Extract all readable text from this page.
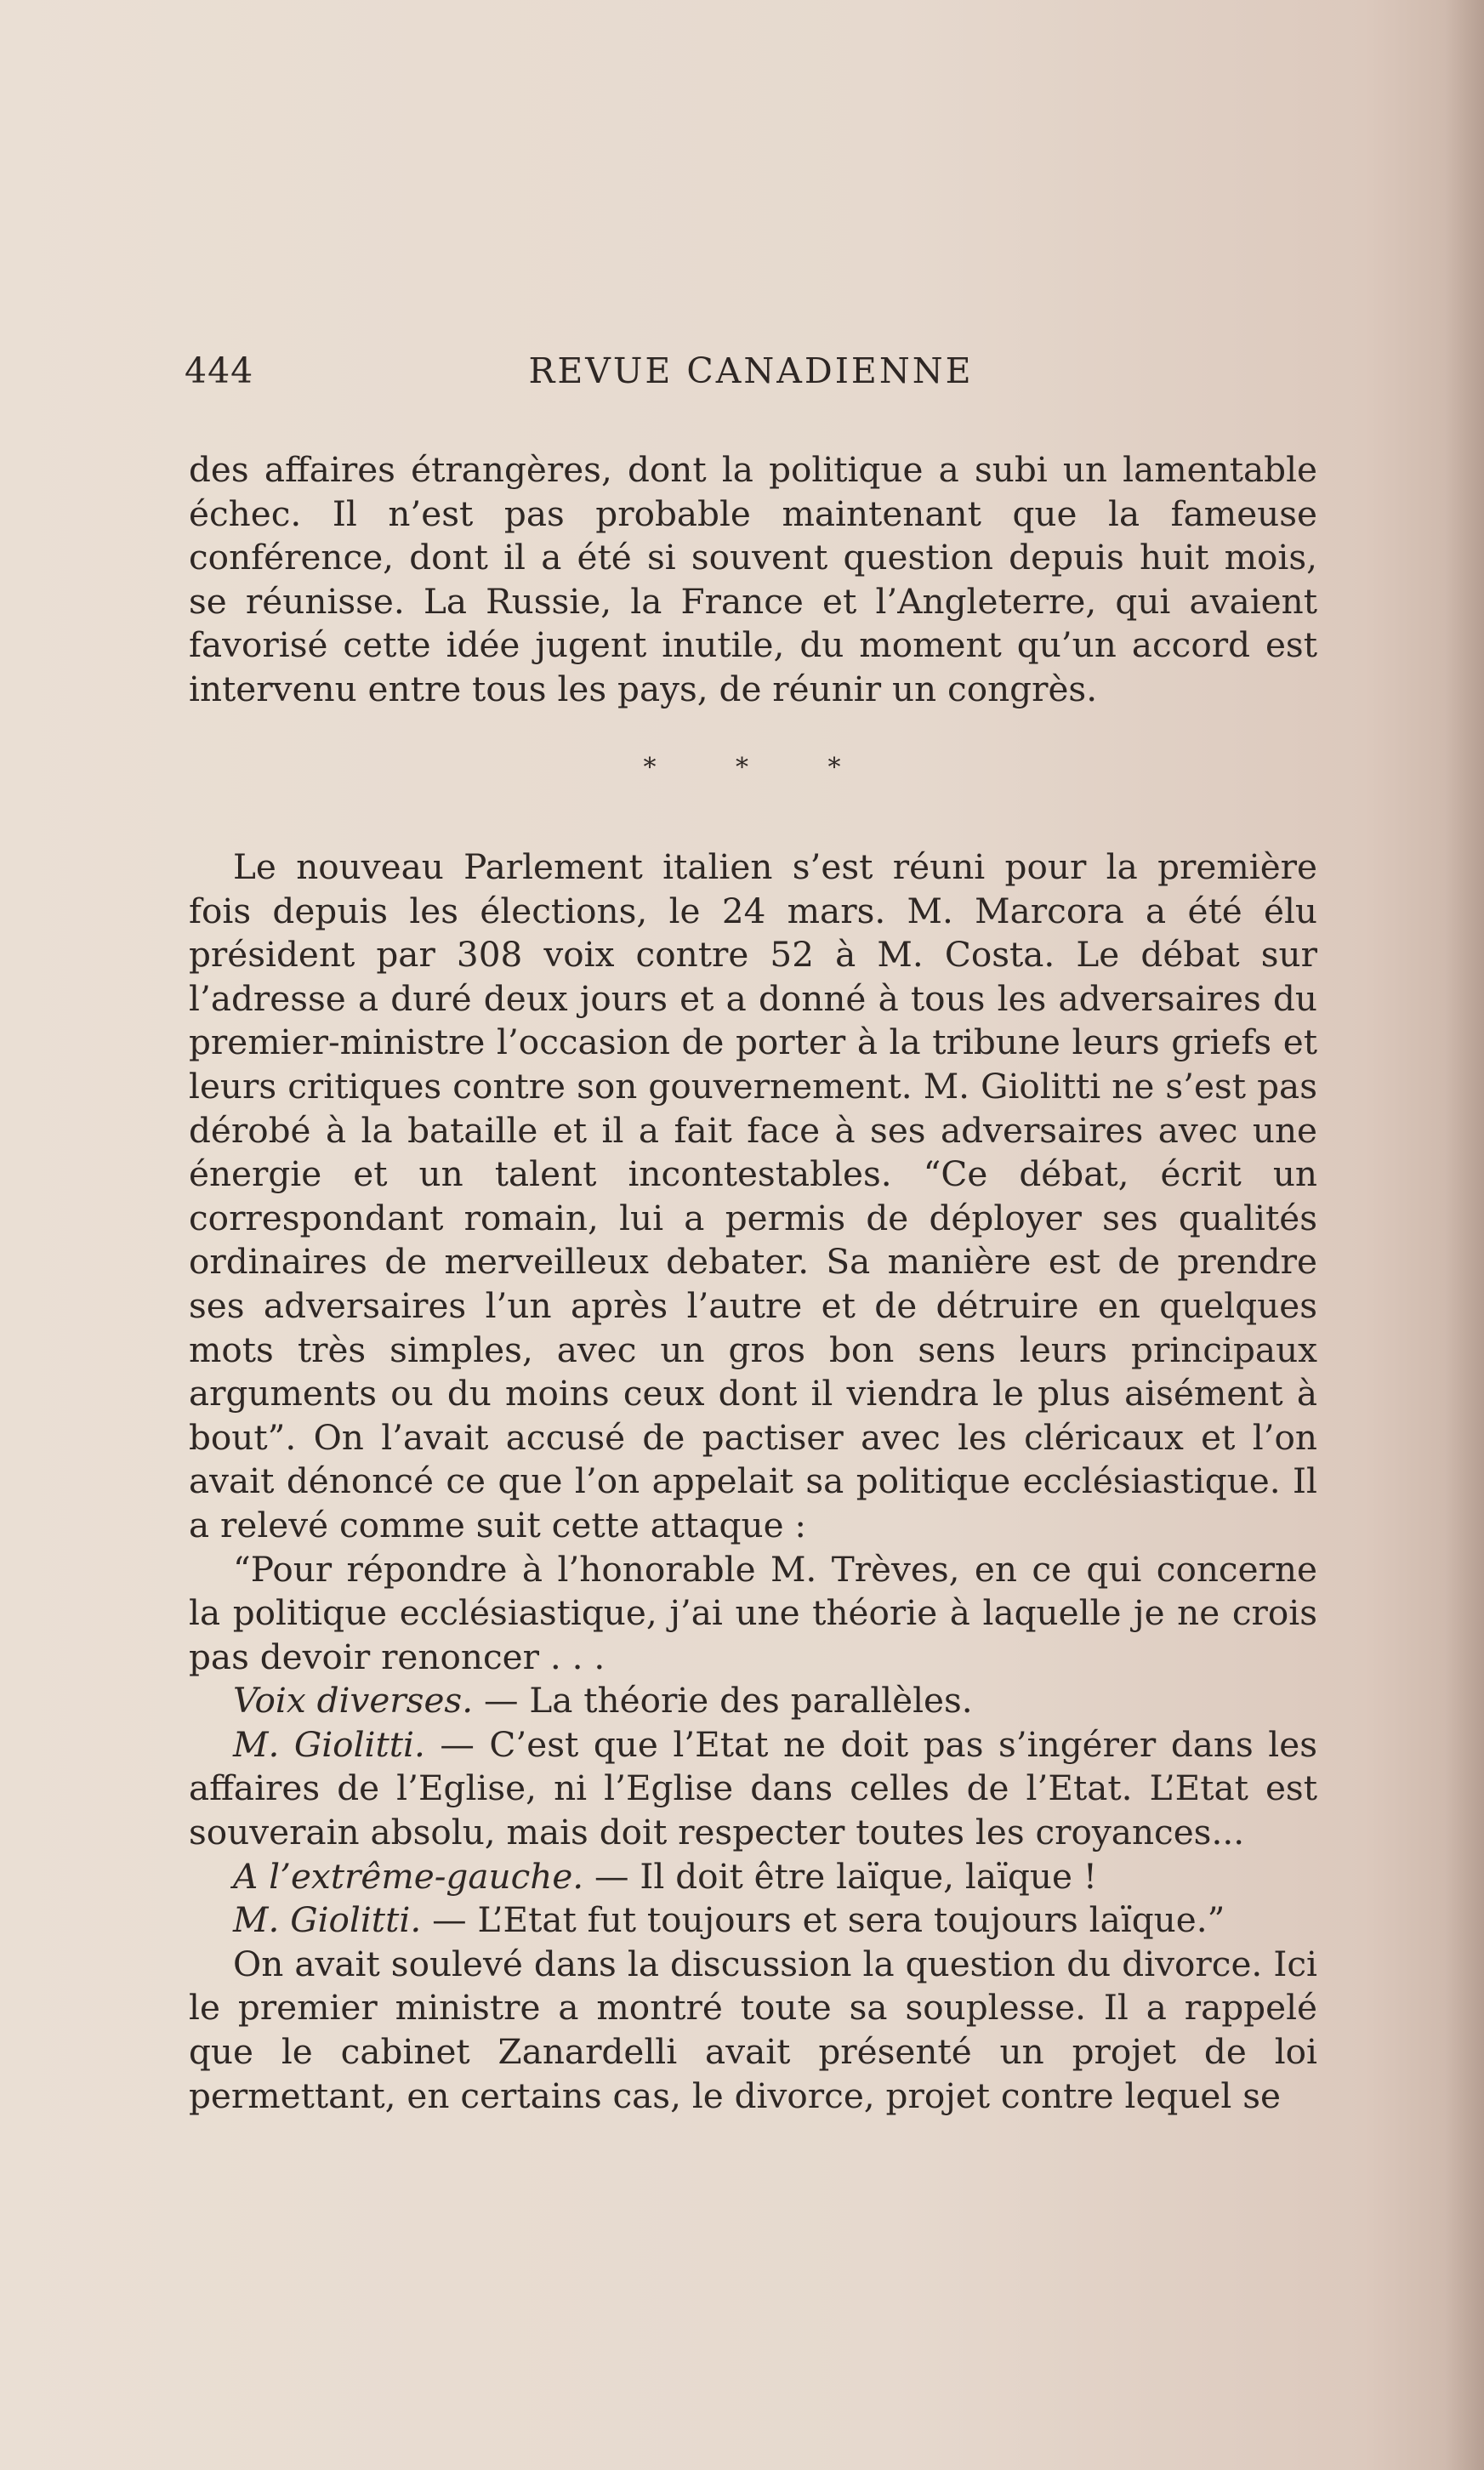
444	REVUE CANADIENNE

des affaires étrangères, dont la politique a subi un lamentable échec. Il n’est pas probable maintenant que la fameuse conférence, dont il a été si souvent question depuis huit mois, se réunisse. La Russie, la France et l’Angleterre, qui avaient favorisé cette idée jugent inutile, du moment qu’un accord est intervenu entre tous les pays, de réunir un congrès.

* * *

Le nouveau Parlement italien s’est réuni pour la première fois depuis les élections, le 24 mars. M. Marcora a été élu président par 308 voix contre 52 à M. Costa. Le débat sur l’adresse a duré deux jours et a donné à tous les adversaires du premier-ministre l’occasion de porter à la tribune leurs griefs et leurs critiques contre son gouvernement. M. Giolitti ne s’est pas dérobé à la bataille et il a fait face à ses adversaires avec une énergie et un talent incontestables. “Ce débat, écrit un correspondant romain, lui a permis de déployer ses qualités ordinaires de merveilleux debater. Sa manière est de prendre ses adversaires l’un après l’autre et de détruire en quelques mots très simples, avec un gros bon sens leurs principaux arguments ou du moins ceux dont il viendra le plus aisément à bout”. On l’avait accusé de pactiser avec les cléricaux et l’on avait dénoncé ce que l’on appelait sa politique ecclésiastique. Il a relevé comme suit cette attaque :

“Pour répondre à l’honorable M. Trèves, en ce qui concerne la politique ecclésiastique, j’ai une théorie à laquelle je ne crois pas devoir renoncer . . .

Voix diverses. — La théorie des parallèles.

M. Giolitti. — C’est que l’Etat ne doit pas s’ingérer dans les affaires de l’Eglise, ni l’Eglise dans celles de l’Etat. L’Etat est souverain absolu, mais doit respecter toutes les croyances...

A l’extrême-gauche. — Il doit être laïque, laïque !

M. Giolitti. — L’Etat fut toujours et sera toujours laïque.”

On avait soulevé dans la discussion la question du divorce. Ici le premier ministre a montré toute sa souplesse. Il a rappelé que le cabinet Zanardelli avait présenté un projet de loi permettant, en certains cas, le divorce, projet contre lequel se
